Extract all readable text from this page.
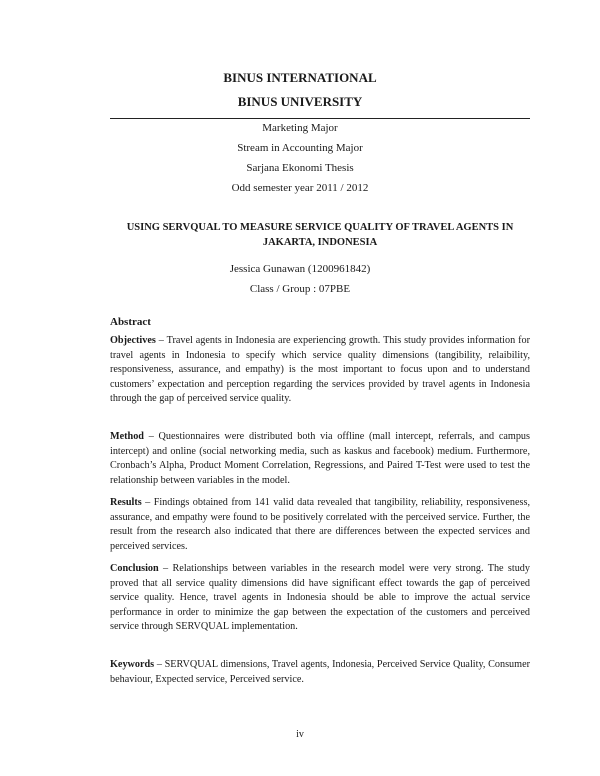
BINUS INTERNATIONAL
BINUS UNIVERSITY
Marketing Major
Stream in Accounting Major
Sarjana Ekonomi Thesis
Odd semester year 2011 / 2012
USING SERVQUAL TO MEASURE SERVICE QUALITY OF TRAVEL AGENTS IN JAKARTA, INDONESIA
Jessica Gunawan (1200961842)
Class / Group : 07PBE
Abstract
Objectives – Travel agents in Indonesia are experiencing growth. This study provides information for travel agents in Indonesia to specify which service quality dimensions (tangibility, relaibility, responsiveness, assurance, and empathy) is the most important to focus upon and to understand customers’ expectation and perception regarding the services provided by travel agents in Indonesia through the gap of perceived service quality.
Method – Questionnaires were distributed both via offline (mall intercept, referrals, and campus intercept) and online (social networking media, such as kaskus and facebook) medium. Furthermore, Cronbach’s Alpha, Product Moment Correlation, Regressions, and Paired T-Test were used to test the relationship between variables in the model.
Results – Findings obtained from 141 valid data revealed that tangibility, reliability, responsiveness, assurance, and empathy were found to be positively correlated with the perceived service. Further, the result from the research also indicated that there are differences between the expected services and perceived services.
Conclusion – Relationships between variables in the research model were very strong. The study proved that all service quality dimensions did have significant effect towards the gap of perceived service quality. Hence, travel agents in Indonesia should be able to improve the actual service performance in order to minimize the gap between the expectation of the customers and perceived service through SERVQUAL implementation.
Keywords – SERVQUAL dimensions, Travel agents, Indonesia, Perceived Service Quality, Consumer behaviour, Expected service, Perceived service.
iv
